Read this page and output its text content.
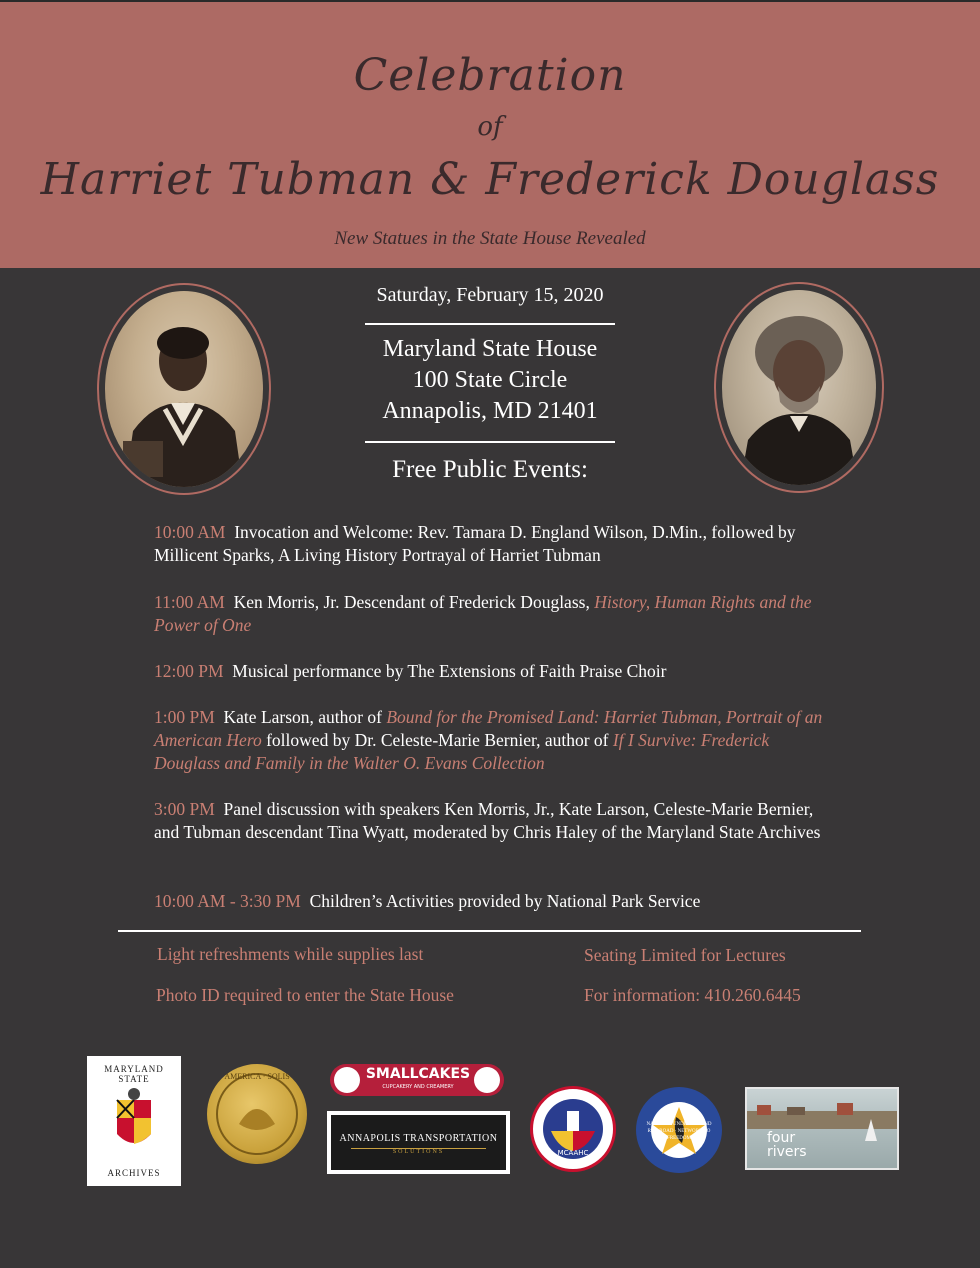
Celebration
of
Harriet Tubman & Frederick Douglass
New Statues in the State House Revealed
Saturday, February 15, 2020
Maryland State House
100 State Circle
Annapolis, MD 21401
Free Public Events:
10:00 AM Invocation and Welcome: Rev. Tamara D. England Wilson, D.Min., followed by Millicent Sparks, A Living History Portrayal of Harriet Tubman
11:00 AM Ken Morris, Jr. Descendant of Frederick Douglass, History, Human Rights and the Power of One
12:00 PM Musical performance by The Extensions of Faith Praise Choir
1:00 PM Kate Larson, author of Bound for the Promised Land: Harriet Tubman, Portrait of an American Hero followed by Dr. Celeste-Marie Bernier, author of If I Survive: Frederick Douglass and Family in the Walter O. Evans Collection
3:00 PM Panel discussion with speakers Ken Morris, Jr., Kate Larson, Celeste-Marie Bernier, and Tubman descendant Tina Wyatt, moderated by Chris Haley of the Maryland State Archives
10:00 AM - 3:30 PM Children’s Activities provided by National Park Service
Light refreshments while supplies last
Photo ID required to enter the State House
Seating Limited for Lectures
For information: 410.260.6445
MARYLAND STATE
ARCHIVES
AMERICA · SOLIS	SMALLCAKES
CUPCAKERY AND CREAMERY
ANNAPOLIS TRANSPORTATION
SOLUTIONS	MCAAHC
NATIONAL UNDERGROUND RAILROAD · NETWORK TO FREEDOM	four
rivers
